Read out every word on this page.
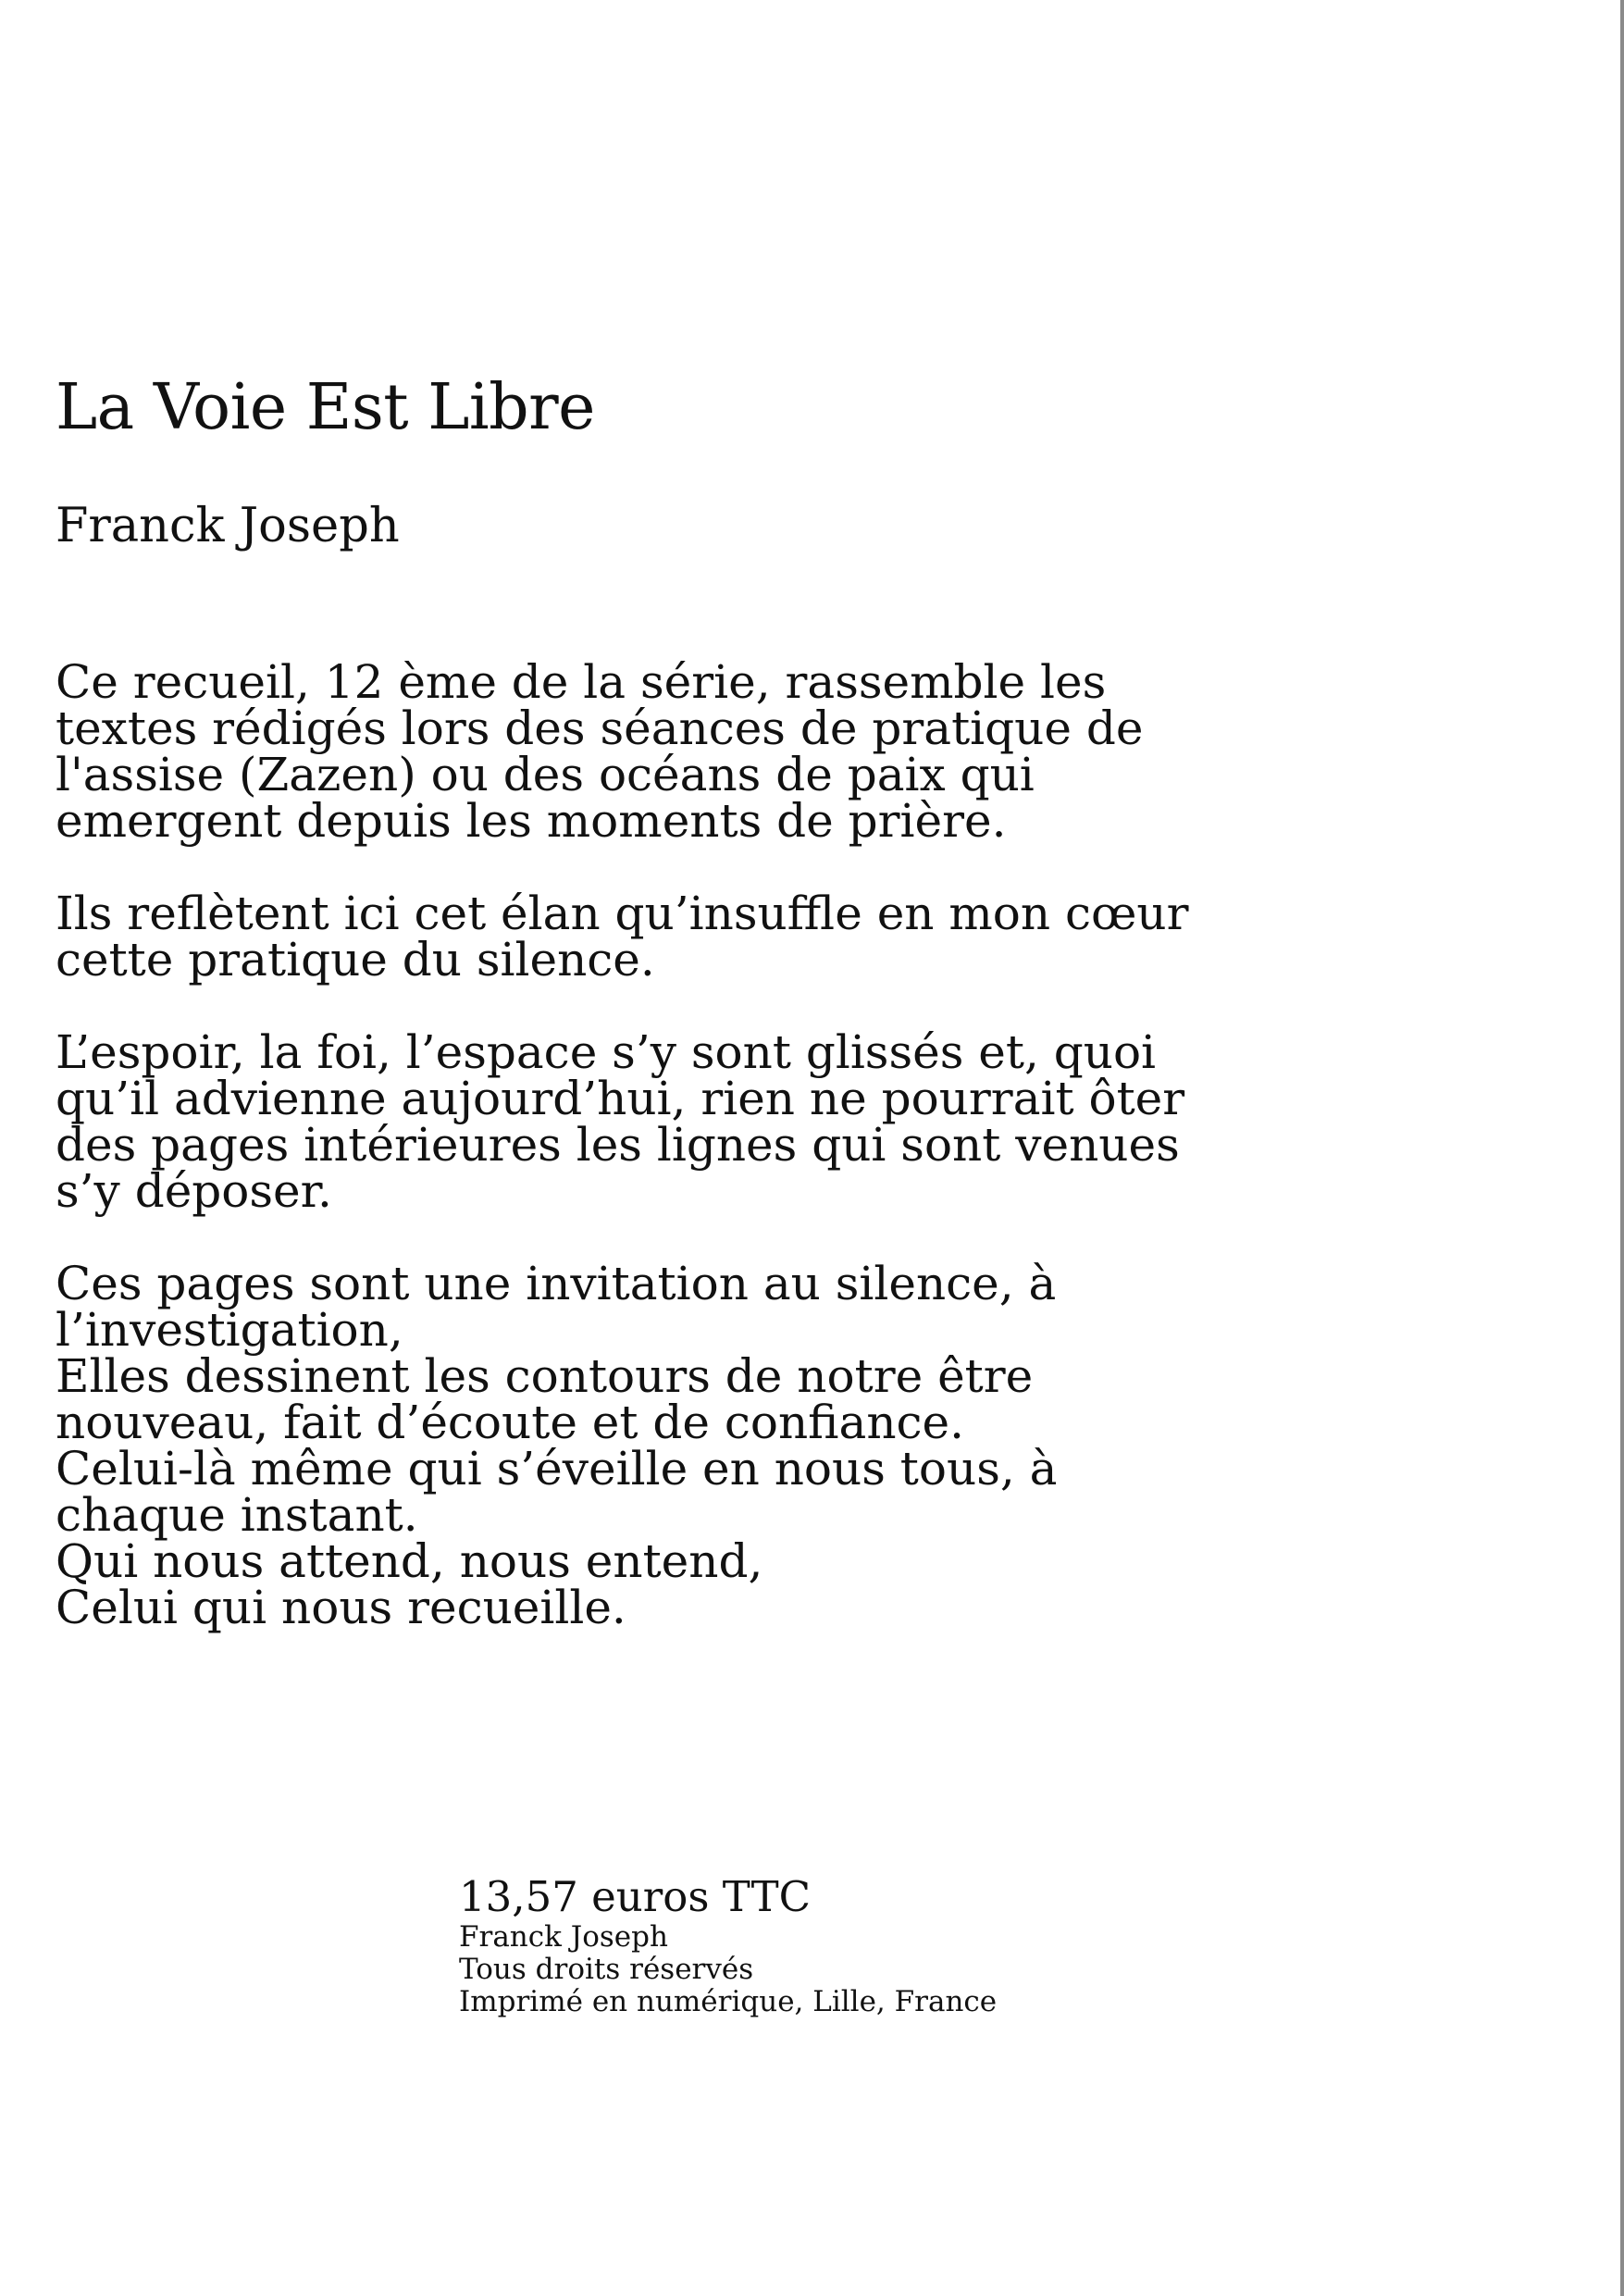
La Voie Est Libre
Franck Joseph

Ce recueil, 12 ème de la série, rassemble les
textes rédigés lors des séances de pratique de
l'assise (Zazen) ou des océans de paix qui
emergent depuis les moments de prière.

Ils reflètent ici cet élan qu’insuffle en mon cœur
cette pratique du silence.

L’espoir, la foi, l’espace s’y sont glissés et, quoi
qu’il advienne aujourd’hui, rien ne pourrait ôter
des pages intérieures les lignes qui sont venues
s’y déposer.

Ces pages sont une invitation au silence, à
l’investigation,
Elles dessinent les contours de notre être
nouveau, fait d’écoute et de confiance.
Celui-là même qui s’éveille en nous tous, à
chaque instant.
Qui nous attend, nous entend,
Celui qui nous recueille.

13,57 euros TTC
Franck Joseph
Tous droits réservés
Imprimé en numérique, Lille, France
